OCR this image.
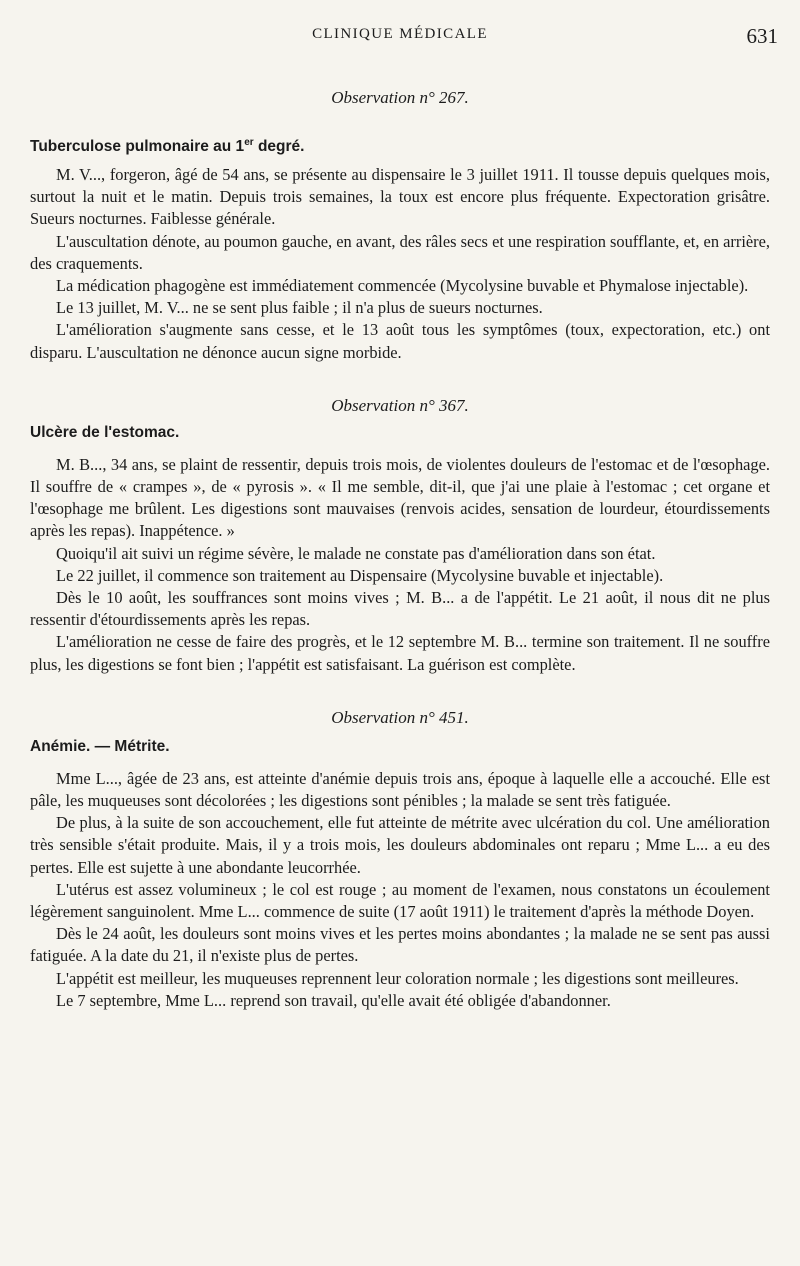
CLINIQUE MÉDICALE	631
Observation n° 267.
Tuberculose pulmonaire au 1er degré.

M. V..., forgeron, âgé de 54 ans, se présente au dispensaire le 3 juillet 1911. Il tousse depuis quelques mois, surtout la nuit et le matin. Depuis trois semaines, la toux est encore plus fréquente. Expectoration grisâtre. Sueurs nocturnes. Faiblesse générale.

L'auscultation dénote, au poumon gauche, en avant, des râles secs et une respiration soufflante, et, en arrière, des craquements.

La médication phagogène est immédiatement commencée (Mycolysine buvable et Phymalose injectable).

Le 13 juillet, M. V... ne se sent plus faible ; il n'a plus de sueurs nocturnes.

L'amélioration s'augmente sans cesse, et le 13 août tous les symptômes (toux, expectoration, etc.) ont disparu. L'auscultation ne dénonce aucun signe morbide.

Observation n° 367.
Ulcère de l'estomac.

M. B..., 34 ans, se plaint de ressentir, depuis trois mois, de violentes douleurs de l'estomac et de l'œsophage. Il souffre de « crampes », de « pyrosis ». « Il me semble, dit-il, que j'ai une plaie à l'estomac ; cet organe et l'œsophage me brûlent. Les digestions sont mauvaises (renvois acides, sensation de lourdeur, étourdissements après les repas). Inappétence. »

Quoiqu'il ait suivi un régime sévère, le malade ne constate pas d'amélioration dans son état.

Le 22 juillet, il commence son traitement au Dispensaire (Mycolysine buvable et injectable).

Dès le 10 août, les souffrances sont moins vives ; M. B... a de l'appétit. Le 21 août, il nous dit ne plus ressentir d'étourdissements après les repas.

L'amélioration ne cesse de faire des progrès, et le 12 septembre M. B... termine son traitement. Il ne souffre plus, les digestions se font bien ; l'appétit est satisfaisant. La guérison est complète.

Observation n° 451.
Anémie. — Métrite.

Mme L..., âgée de 23 ans, est atteinte d'anémie depuis trois ans, époque à laquelle elle a accouché. Elle est pâle, les muqueuses sont décolorées ; les digestions sont pénibles ; la malade se sent très fatiguée.

De plus, à la suite de son accouchement, elle fut atteinte de métrite avec ulcération du col. Une amélioration très sensible s'était produite. Mais, il y a trois mois, les douleurs abdominales ont reparu ; Mme L... a eu des pertes. Elle est sujette à une abondante leucorrhée.

L'utérus est assez volumineux ; le col est rouge ; au moment de l'examen, nous constatons un écoulement légèrement sanguinolent. Mme L... commence de suite (17 août 1911) le traitement d'après la méthode Doyen.

Dès le 24 août, les douleurs sont moins vives et les pertes moins abondantes ; la malade ne se sent pas aussi fatiguée. A la date du 21, il n'existe plus de pertes.

L'appétit est meilleur, les muqueuses reprennent leur coloration normale ; les digestions sont meilleures.

Le 7 septembre, Mme L... reprend son travail, qu'elle avait été obligée d'abandonner.
